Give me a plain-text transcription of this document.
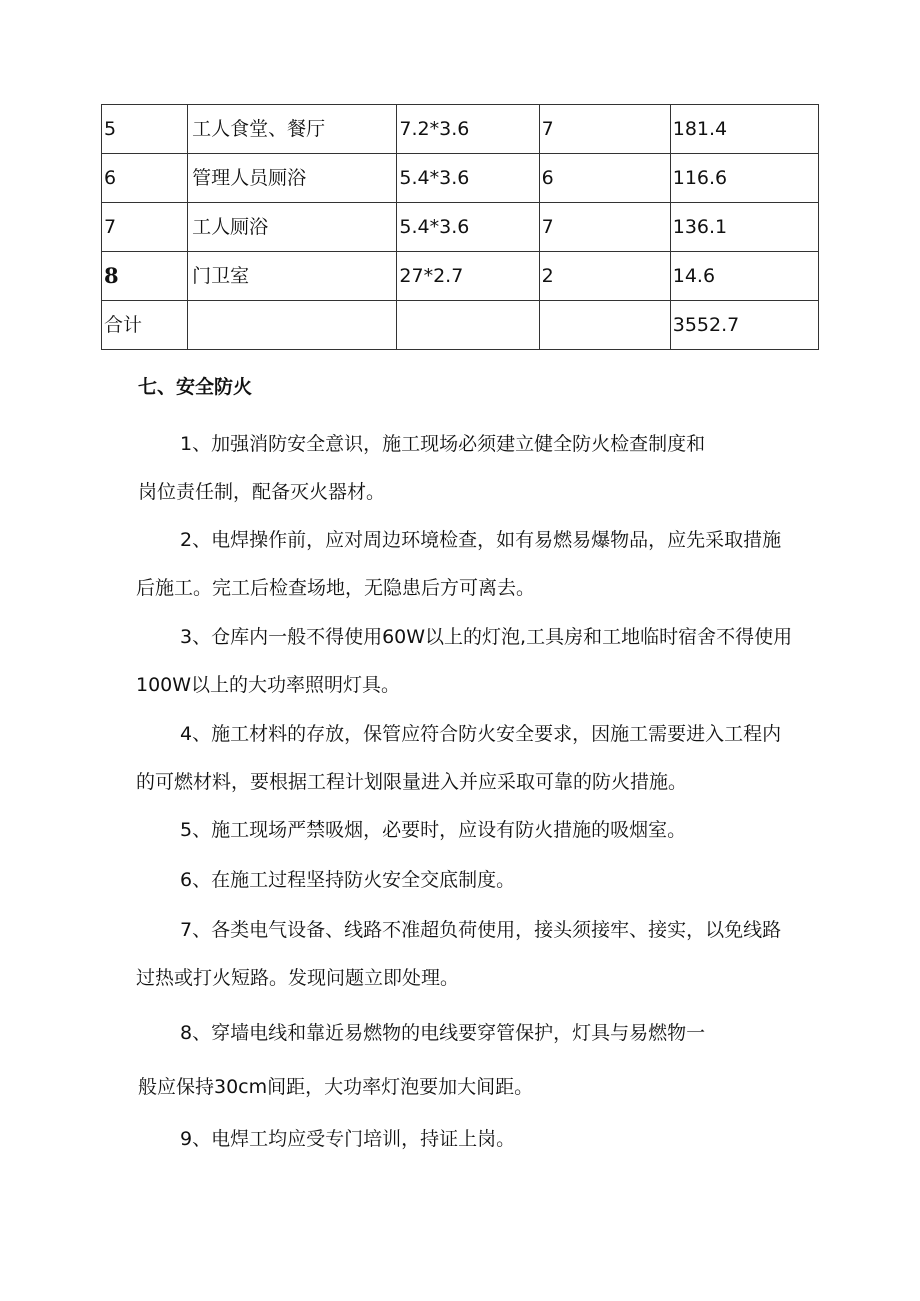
5	工人食堂、餐厅	7.2*3.6	7	181.4
6	管理人员厕浴	5.4*3.6	6	116.6
7	工人厕浴	5.4*3.6	7	136.1
8	门卫室	27*2.7	2	14.6
合计				3552.7
七、安全防火

1、加强消防安全意识，施工现场必须建立健全防火检查制度和
岗位责任制，配备灭火器材。

2、电焊操作前，应对周边环境检查，如有易燃易爆物品，应先采取措施
后施工。完工后检查场地，无隐患后方可离去。

3、仓库内一般不得使用60W以上的灯泡,工具房和工地临时宿舍不得使用
100W以上的大功率照明灯具。

4、施工材料的存放，保管应符合防火安全要求，因施工需要进入工程内
的可燃材料，要根据工程计划限量进入并应采取可靠的防火措施。

5、施工现场严禁吸烟，必要时，应设有防火措施的吸烟室。

6、在施工过程坚持防火安全交底制度。

7、各类电气设备、线路不准超负荷使用，接头须接牢、接实，以免线路
过热或打火短路。发现问题立即处理。

8、穿墙电线和靠近易燃物的电线要穿管保护，灯具与易燃物一
般应保持30cm间距，大功率灯泡要加大间距。

9、电焊工均应受专门培训，持证上岗。
